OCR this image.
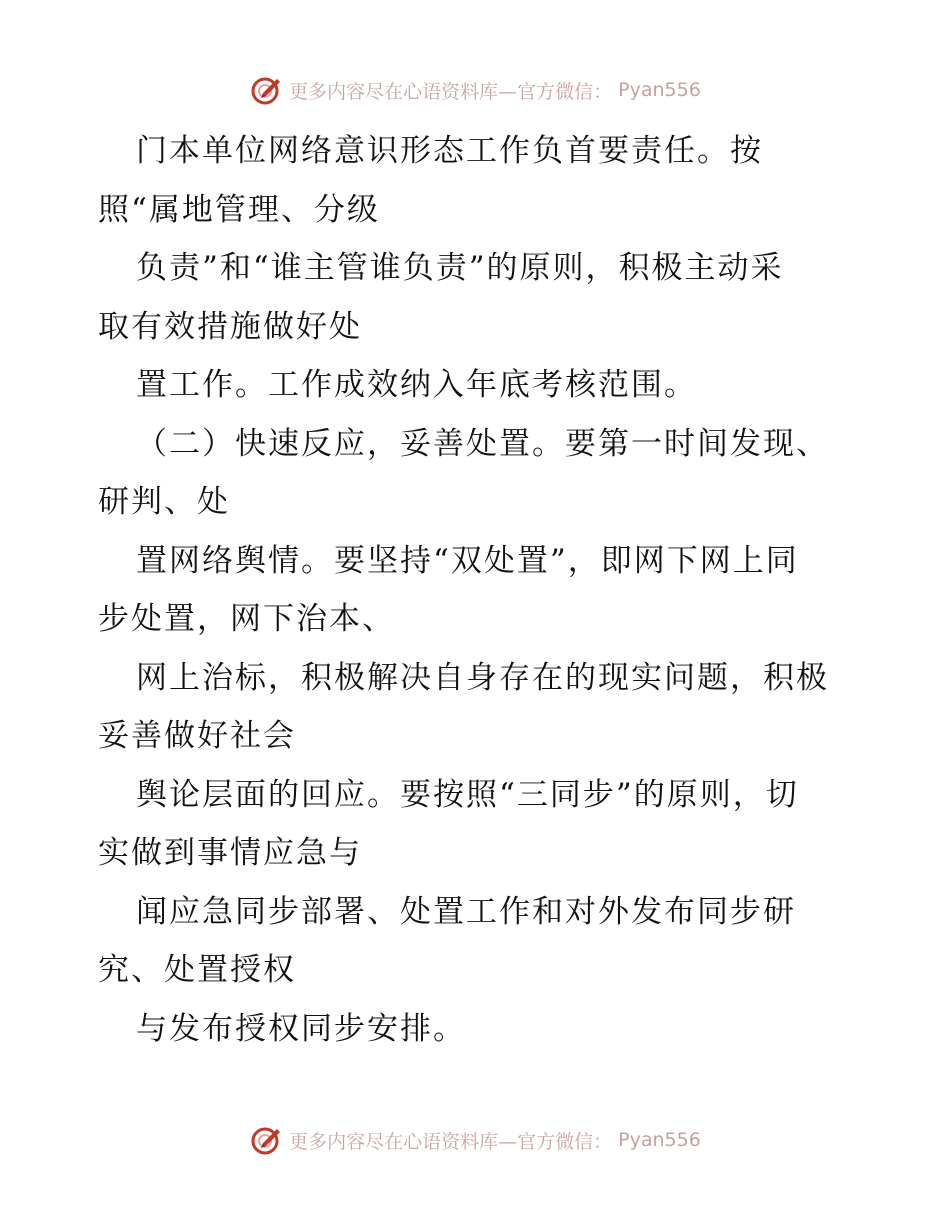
更多内容尽在心语资料库—官方微信： Pyan556
门本单位网络意识形态工作负首要责任。按
照“属地管理、分级
负责”和“谁主管谁负责”的原则，积极主动采
取有效措施做好处
置工作。工作成效纳入年底考核范围。
（二）快速反应，妥善处置。要第一时间发现、
研判、处
置网络舆情。要坚持“双处置”，即网下网上同
步处置，网下治本、
网上治标，积极解决自身存在的现实问题，积极
妥善做好社会
舆论层面的回应。要按照“三同步”的原则，切
实做到事情应急与
闻应急同步部署、处置工作和对外发布同步研
究、处置授权
与发布授权同步安排。
更多内容尽在心语资料库—官方微信： Pyan556
